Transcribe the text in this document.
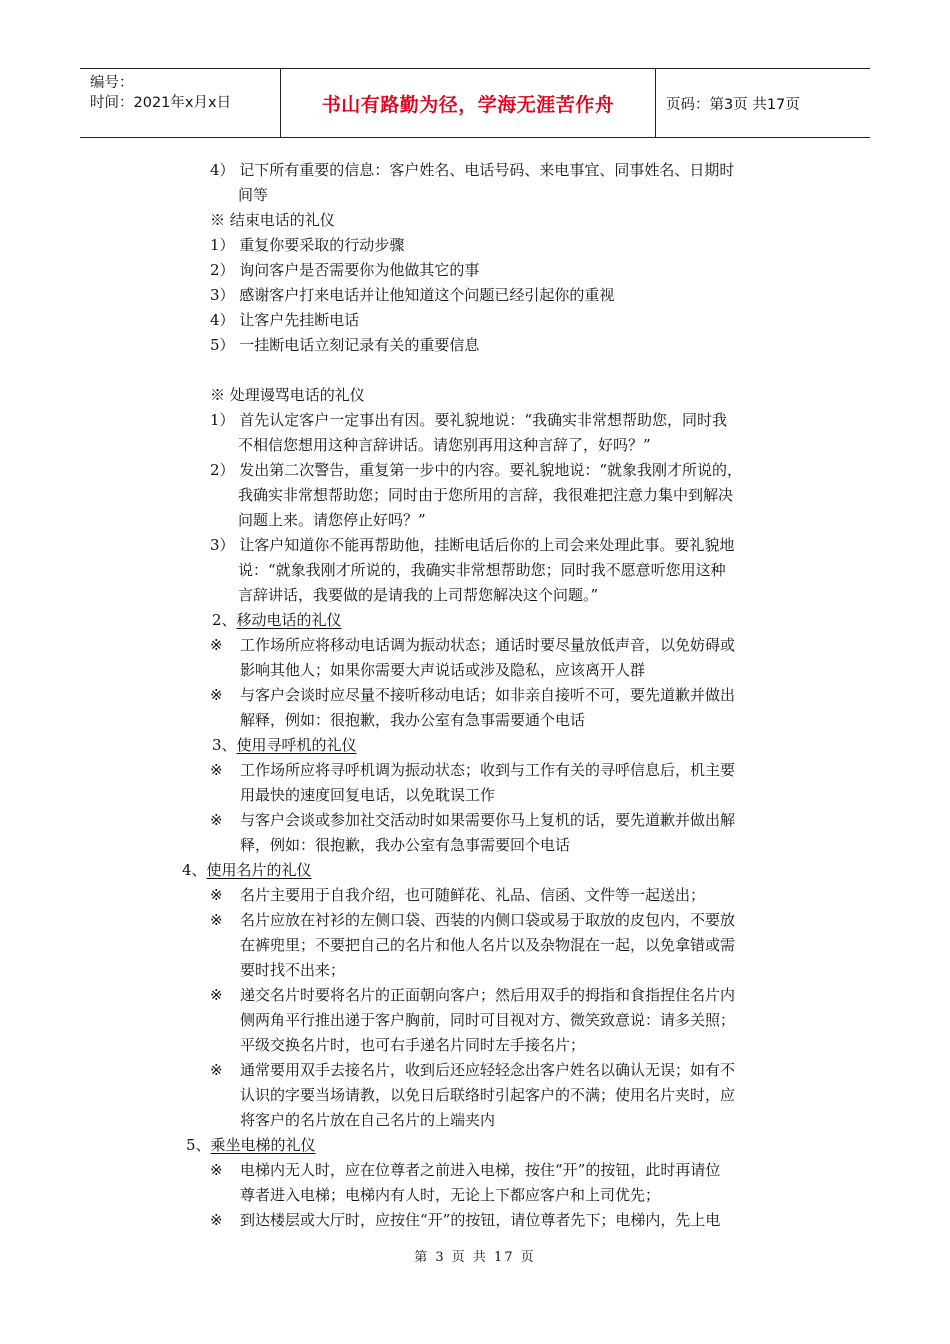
编号：
时间：2021年x月x日	书山有路勤为径，学海无涯苦作舟	页码：第3页 共17页
4） 记下所有重要的信息：客户姓名、电话号码、来电事宜、同事姓名、日期时
间等
※ 结束电话的礼仪
1） 重复你要采取的行动步骤
2） 询问客户是否需要你为他做其它的事
3） 感谢客户打来电话并让他知道这个问题已经引起你的重视
4） 让客户先挂断电话
5） 一挂断电话立刻记录有关的重要信息
※ 处理谩骂电话的礼仪
1） 首先认定客户一定事出有因。要礼貌地说：“我确实非常想帮助您，同时我
不相信您想用这种言辞讲话。请您别再用这种言辞了，好吗？”
2） 发出第二次警告，重复第一步中的内容。要礼貌地说：“就象我刚才所说的，
我确实非常想帮助您；同时由于您所用的言辞，我很难把注意力集中到解决
问题上来。请您停止好吗？”
3） 让客户知道你不能再帮助他，挂断电话后你的上司会来处理此事。要礼貌地
说：“就象我刚才所说的，我确实非常想帮助您；同时我不愿意听您用这种
言辞讲话，我要做的是请我的上司帮您解决这个问题。”
2、移动电话的礼仪
※ 工作场所应将移动电话调为振动状态；通话时要尽量放低声音，以免妨碍或
影响其他人；如果你需要大声说话或涉及隐私，应该离开人群
※ 与客户会谈时应尽量不接听移动电话；如非亲自接听不可，要先道歉并做出
解释，例如：很抱歉，我办公室有急事需要通个电话
3、使用寻呼机的礼仪
※ 工作场所应将寻呼机调为振动状态；收到与工作有关的寻呼信息后，机主要
用最快的速度回复电话，以免耽误工作
※ 与客户会谈或参加社交活动时如果需要你马上复机的话，要先道歉并做出解
释，例如：很抱歉，我办公室有急事需要回个电话
4、使用名片的礼仪
※ 名片主要用于自我介绍，也可随鲜花、礼品、信函、文件等一起送出；
※ 名片应放在衬衫的左侧口袋、西装的内侧口袋或易于取放的皮包内，不要放
在裤兜里；不要把自己的名片和他人名片以及杂物混在一起，以免拿错或需
要时找不出来；
※ 递交名片时要将名片的正面朝向客户；然后用双手的拇指和食指捏住名片内
侧两角平行推出递于客户胸前，同时可目视对方、微笑致意说：请多关照；
平级交换名片时，也可右手递名片同时左手接名片；
※ 通常要用双手去接名片，收到后还应轻轻念出客户姓名以确认无误；如有不
认识的字要当场请教，以免日后联络时引起客户的不满；使用名片夹时，应
将客户的名片放在自己名片的上端夹内
5、乘坐电梯的礼仪
※ 电梯内无人时，应在位尊者之前进入电梯，按住“开”的按钮，此时再请位
尊者进入电梯；电梯内有人时，无论上下都应客户和上司优先；
※ 到达楼层或大厅时，应按住“开”的按钮，请位尊者先下；电梯内，先上电
第 3 页 共 17 页
